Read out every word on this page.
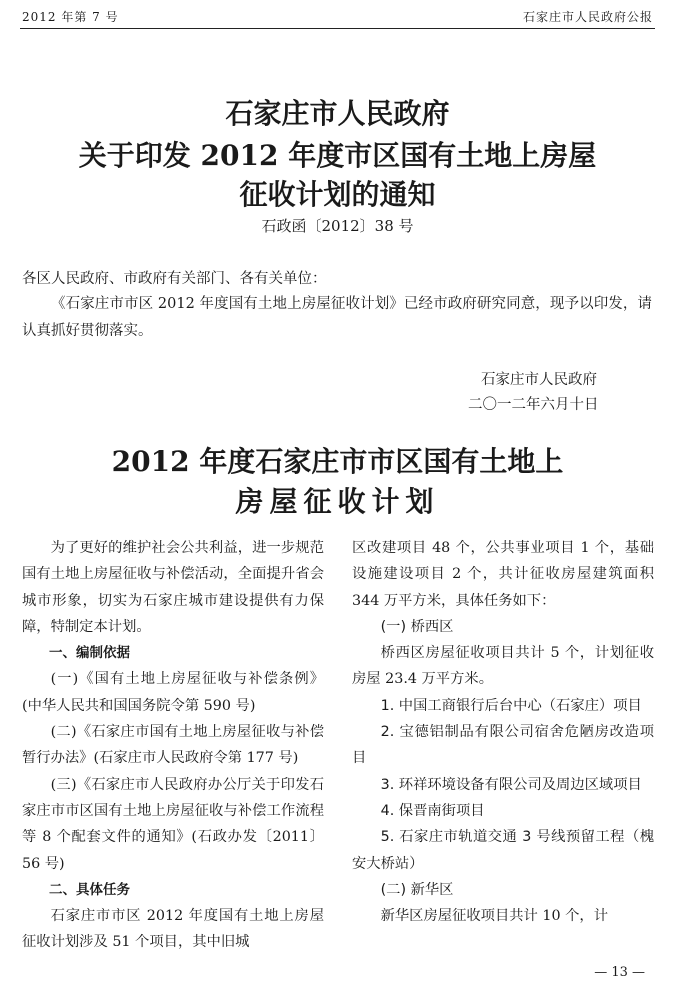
2012 年第 7 号	石家庄市人民政府公报
石家庄市人民政府
关于印发 2012 年度市区国有土地上房屋
征收计划的通知
石政函〔2012〕38 号
各区人民政府、市政府有关部门、各有关单位：
《石家庄市市区 2012 年度国有土地上房屋征收计划》已经市政府研究同意，现予以印发，请认真抓好贯彻落实。
石家庄市人民政府
二〇一二年六月十日
2012 年度石家庄市市区国有土地上
房屋征收计划

为了更好的维护社会公共利益，进一步规范国有土地上房屋征收与补偿活动，全面提升省会城市形象，切实为石家庄城市建设提供有力保障，特制定本计划。

一、编制依据

(一)《国有土地上房屋征收与补偿条例》(中华人民共和国国务院令第 590 号)

(二)《石家庄市国有土地上房屋征收与补偿暂行办法》(石家庄市人民政府令第 177 号)

(三)《石家庄市人民政府办公厅关于印发石家庄市市区国有土地上房屋征收与补偿工作流程等 8 个配套文件的通知》(石政办发〔2011〕56 号)

二、具体任务

石家庄市市区 2012 年度国有土地上房屋征收计划涉及 51 个项目，其中旧城

区改建项目 48 个，公共事业项目 1 个，基础设施建设项目 2 个，共计征收房屋建筑面积 344 万平方米，具体任务如下：

(一) 桥西区

桥西区房屋征收项目共计 5 个，计划征收房屋 23.4 万平方米。

1. 中国工商银行后台中心（石家庄）项目

2. 宝德铝制品有限公司宿舍危陋房改造项目

3. 环祥环境设备有限公司及周边区域项目

4. 保晋南街项目

5. 石家庄市轨道交通 3 号线预留工程（槐安大桥站）

(二) 新华区

新华区房屋征收项目共计 10 个，计

— 13 —
